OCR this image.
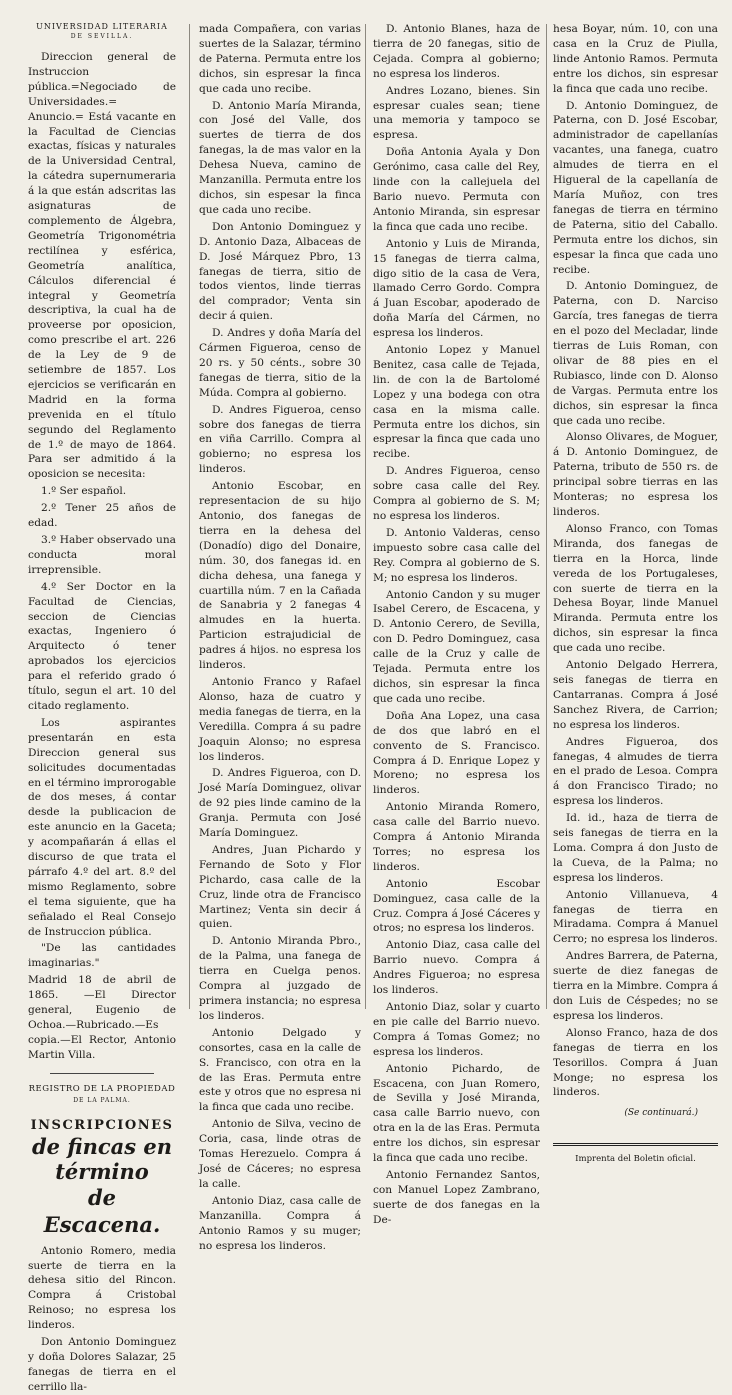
UNIVERSIDAD LITERARIA
DE SEVILLA.

Direccion general de Instruccion pública.=Negociado de Universidades.= Anuncio.= Está vacante en la Facultad de Ciencias exactas, físicas y naturales de la Universidad Central, la cátedra supernumeraria á la que están adscritas las asignaturas de complemento de Álgebra, Geometría Trigonométria rectilínea y esférica, Geometría analítica, Cálculos diferencial é integral y Geometría descriptiva, la cual ha de proveerse por oposicion, como prescribe el art. 226 de la Ley de 9 de setiembre de 1857. Los ejercicios se verificarán en Madrid en la forma prevenida en el título segundo del Reglamento de 1.º de mayo de 1864. Para ser admitido á la oposicion se necesita:

1.º Ser español.

2.º Tener 25 años de edad.

3.º Haber observado una conducta moral irreprensible.

4.º Ser Doctor en la Facultad de Ciencias, seccion de Ciencias exactas, Ingeniero ó Arquitecto ó tener aprobados los ejercicios para el referido grado ó título, segun el art. 10 del citado reglamento.

Los aspirantes presentarán en esta Direccion general sus solicitudes documentadas en el término improrogable de dos meses, á contar desde la publicacion de este anuncio en la Gaceta; y acompañarán á ellas el discurso de que trata el párrafo 4.º del art. 8.º del mismo Reglamento, sobre el tema siguiente, que ha señalado el Real Consejo de Instruccion pública.

"De las cantidades imaginarias."

Madrid 18 de abril de 1865. —El Director general, Eugenio de Ochoa.—Rubricado.—Es copia.—El Rector, Antonio Martin Villa.

REGISTRO DE LA PROPIEDAD
DE LA PALMA.
INSCRIPCIONES
de fincas en término
de Escacena.

Antonio Romero, media suerte de tierra en la dehesa sitio del Rincon. Compra á Cristobal Reinoso; no espresa los linderos.

Don Antonio Dominguez y doña Dolores Salazar, 25 fanegas de tierra en el cerrillo lla-

mada Compañera, con varias suertes de la Salazar, término de Paterna. Permuta entre los dichos, sin espresar la finca que cada uno recibe.

D. Antonio María Miranda, con José del Valle, dos suertes de tierra de dos fanegas, la de mas valor en la Dehesa Nueva, camino de Manzanilla. Permuta entre los dichos, sin espesar la finca que cada uno recibe.

Don Antonio Dominguez y D. Antonio Daza, Albaceas de D. José Márquez Pbro, 13 fanegas de tierra, sitio de todos vientos, linde tierras del comprador; Venta sin decir á quien.

D. Andres y doña María del Cármen Figueroa, censo de 20 rs. y 50 cénts., sobre 30 fanegas de tierra, sitio de la Múda. Compra al gobierno.

D. Andres Figueroa, censo sobre dos fanegas de tierra en viña Carrillo. Compra al gobierno; no espresa los linderos.

Antonio Escobar, en representacion de su hijo Antonio, dos fanegas de tierra en la dehesa del (Donadío) digo del Donaire, núm. 30, dos fanegas id. en dicha dehesa, una fanega y cuartilla núm. 7 en la Cañada de Sanabria y 2 fanegas 4 almudes en la huerta. Particion estrajudicial de padres á hijos. no espresa los linderos.

Antonio Franco y Rafael Alonso, haza de cuatro y media fanegas de tierra, en la Veredilla. Compra á su padre Joaquin Alonso; no espresa los linderos.

D. Andres Figueroa, con D. José María Dominguez, olivar de 92 pies linde camino de la Granja. Permuta con José María Dominguez.

Andres, Juan Pichardo y Fernando de Soto y Flor Pichardo, casa calle de la Cruz, linde otra de Francisco Martinez; Venta sin decir á quien.

D. Antonio Miranda Pbro., de la Palma, una fanega de tierra en Cuelga penos. Compra al juzgado de primera instancia; no espresa los linderos.

Antonio Delgado y consortes, casa en la calle de S. Francisco, con otra en la de las Eras. Permuta entre este y otros que no espresa ni la finca que cada uno recibe.

Antonio de Silva, vecino de Coria, casa, linde otras de Tomas Herezuelo. Compra á José de Cáceres; no espresa la calle.

Antonio Diaz, casa calle de Manzanilla. Compra á Antonio Ramos y su muger; no espresa los linderos.

D. Antonio Blanes, haza de tierra de 20 fanegas, sitio de Cejada. Compra al gobierno; no espresa los linderos.

Andres Lozano, bienes. Sin espresar cuales sean; tiene una memoria y tampoco se espresa.

Doña Antonia Ayala y Don Gerónimo, casa calle del Rey, linde con la callejuela del Bario nuevo. Permuta con Antonio Miranda, sin espresar la finca que cada uno recibe.

Antonio y Luis de Miranda, 15 fanegas de tierra calma, digo sitio de la casa de Vera, llamado Cerro Gordo. Compra á Juan Escobar, apoderado de doña María del Cármen, no espresa los linderos.

Antonio Lopez y Manuel Benitez, casa calle de Tejada, lin. de con la de Bartolomé Lopez y una bodega con otra casa en la misma calle. Permuta entre los dichos, sin espresar la finca que cada uno recibe.

D. Andres Figueroa, censo sobre casa calle del Rey. Compra al gobierno de S. M; no espresa los linderos.

D. Antonio Valderas, censo impuesto sobre casa calle del Rey. Compra al gobierno de S. M; no espresa los linderos.

Antonio Candon y su muger Isabel Cerero, de Escacena, y D. Antonio Cerero, de Sevilla, con D. Pedro Dominguez, casa calle de la Cruz y calle de Tejada. Permuta entre los dichos, sin espresar la finca que cada uno recibe.

Doña Ana Lopez, una casa de dos que labró en el convento de S. Francisco. Compra á D. Enrique Lopez y Moreno; no espresa los linderos.

Antonio Miranda Romero, casa calle del Barrio nuevo. Compra á Antonio Miranda Torres; no espresa los linderos.

Antonio Escobar Dominguez, casa calle de la Cruz. Compra á José Cáceres y otros; no espresa los linderos.

Antonio Diaz, casa calle del Barrio nuevo. Compra á Andres Figueroa; no espresa los linderos.

Antonio Diaz, solar y cuarto en pie calle del Barrio nuevo. Compra á Tomas Gomez; no espresa los linderos.

Antonio Pichardo, de Escacena, con Juan Romero, de Sevilla y José Miranda, casa calle Barrio nuevo, con otra en la de las Eras. Permuta entre los dichos, sin espresar la finca que cada uno recibe.

Antonio Fernandez Santos, con Manuel Lopez Zambrano, suerte de dos fanegas en la De-

hesa Boyar, núm. 10, con una casa en la Cruz de Piulla, linde Antonio Ramos. Permuta entre los dichos, sin espresar la finca que cada uno recibe.

D. Antonio Dominguez, de Paterna, con D. José Escobar, administrador de capellanías vacantes, una fanega, cuatro almudes de tierra en el Higueral de la capellanía de María Muñoz, con tres fanegas de tierra en término de Paterna, sitio del Caballo. Permuta entre los dichos, sin espesar la finca que cada uno recibe.

D. Antonio Dominguez, de Paterna, con D. Narciso García, tres fanegas de tierra en el pozo del Mecladar, linde tierras de Luis Roman, con olivar de 88 pies en el Rubiasco, linde con D. Alonso de Vargas. Permuta entre los dichos, sin espresar la finca que cada uno recibe.

Alonso Olivares, de Moguer, á D. Antonio Dominguez, de Paterna, tributo de 550 rs. de principal sobre tierras en las Monteras; no espresa los linderos.

Alonso Franco, con Tomas Miranda, dos fanegas de tierra en la Horca, linde vereda de los Portugaleses, con suerte de tierra en la Dehesa Boyar, linde Manuel Miranda. Permuta entre los dichos, sin espresar la finca que cada uno recibe.

Antonio Delgado Herrera, seis fanegas de tierra en Cantarranas. Compra á José Sanchez Rivera, de Carrion; no espresa los linderos.

Andres Figueroa, dos fanegas, 4 almudes de tierra en el prado de Lesoa. Compra á don Francisco Tirado; no espresa los linderos.

Id. id., haza de tierra de seis fanegas de tierra en la Loma. Compra á don Justo de la Cueva, de la Palma; no espresa los linderos.

Antonio Villanueva, 4 fanegas de tierra en Miradama. Compra á Manuel Cerro; no espresa los linderos.

Andres Barrera, de Paterna, suerte de diez fanegas de tierra en la Mimbre. Compra á don Luis de Céspedes; no se espresa los linderos.

Alonso Franco, haza de dos fanegas de tierra en los Tesorillos. Compra á Juan Monge; no espresa los linderos.

(Se continuará.)
Imprenta del Boletin oficial.
